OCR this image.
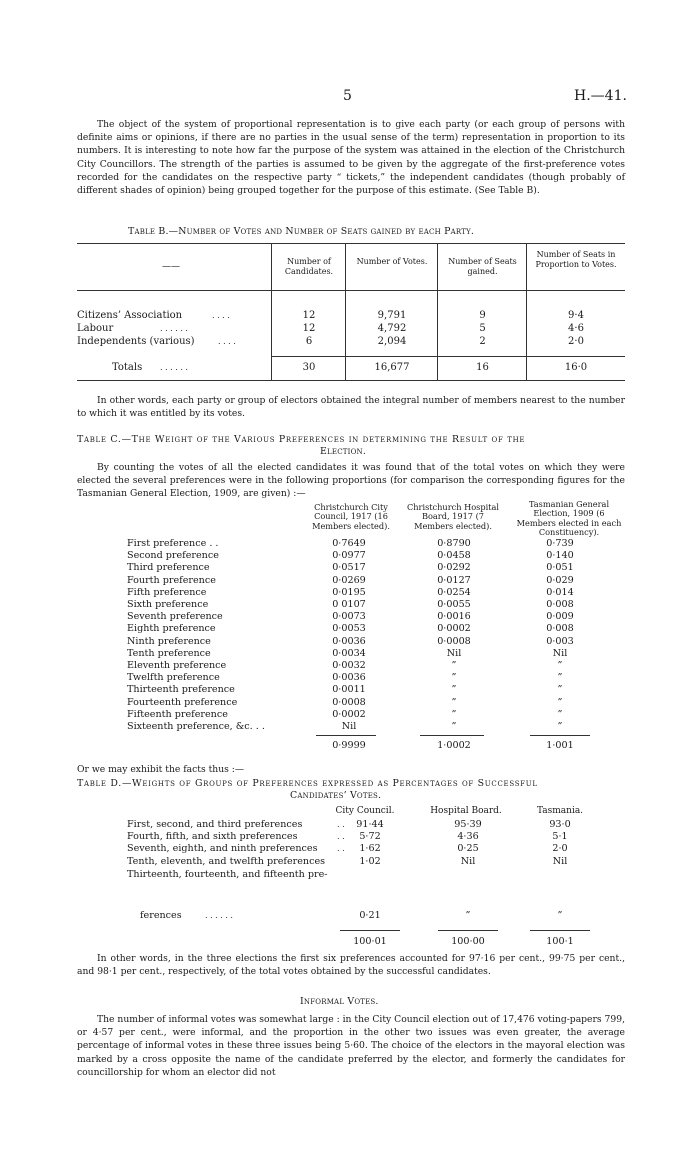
5	H.—41.
The object of the system of proportional representation is to give each party (or each group of persons with definite aims or opinions, if there are no parties in the usual sense of the term) representation in proportion to its numbers. It is interesting to note how far the purpose of the system was attained in the election of the Christchurch City Councillors. The strength of the parties is assumed to be given by the aggregate of the first-preference votes recorded for the candidates on the respective party “ tickets,” the independent candidates (though probably of different shades of opinion) being grouped together for the purpose of this estimate. (See Table B).
Table B.—Number of Votes and Number of Seats gained by each Party.
——
Number of Candidates.
Number of Votes.	Number of Seats gained.
Number of Seats in Proportion to Votes.
Citizens’ Association	. . . .	12	9,791	9	9·4
Labour	. . . . . .	12	4,792	5	4·6
Independents (various)	. . . .	6	2,094	2	2·0
Totals . . . . . .	30	16,677	16	16·0
In other words, each party or group of electors obtained the integral number of members nearest to the number to which it was entitled by its votes.
Table C.—The Weight of the Various Preferences in determining the Result of the
Election.
By counting the votes of all the elected candidates it was found that of the total votes on which they were elected the several preferences were in the following proportions (for comparison the corresponding figures for the Tasmanian General Election, 1909, are given) :—
Christchurch City Council, 1917 (16 Members elected).
Christchurch Hospital Board, 1917 (7 Members elected).
Tasmanian General Election, 1909 (6 Members elected in each Constituency).
First preference . .	0·7649	0·8790	0·739
Second preference	0·0977	0·0458	0·140
Third preference	0·0517	0·0292	0·051
Fourth preference	0·0269	0·0127	0·029
Fifth preference	0·0195	0·0254	0·014
Sixth preference	0 0107	0·0055	0·008
Seventh preference	0·0073	0·0016	0·009
Eighth preference	0·0053	0·0002	0·008
Ninth preference	0·0036	0·0008	0·003
Tenth preference	0·0034	Nil	Nil
Eleventh preference	0·0032	”	”
Twelfth preference	0·0036	”	”
Thirteenth preference	0·0011	”	”
Fourteenth preference	0·0008	”	”
Fifteenth preference	0·0002	”	”
Sixteenth preference, &c. . .	Nil	”	”
0·9999	1·0002	1·001
Or we may exhibit the facts thus :—
Table D.—Weights of Groups of Preferences expressed as Percentages of Successful
Candidates’ Votes.
City Council.	Hospital Board.	Tasmania.
First, second, and third preferences	. .	91·44	95·39	93·0
Fourth, fifth, and sixth preferences	. .	5·72	4·36	5·1
Seventh, eighth, and ninth preferences . .	1·62	0·25	2·0
Tenth, eleventh, and twelfth preferences	1·02	Nil	Nil
Thirteenth, fourteenth, and fifteenth pre-
ferences	. . . . . .	0·21	”	”
100·01	100·00	100·1
In other words, in the three elections the first six preferences accounted for 97·16 per cent., 99·75 per cent., and 98·1 per cent., respectively, of the total votes obtained by the successful candidates.
Informal Votes.
The number of informal votes was somewhat large : in the City Council election out of 17,476 voting-papers 799, or 4·57 per cent., were informal, and the proportion in the other two issues was even greater, the average percentage of informal votes in these three issues being 5·60. The choice of the electors in the mayoral election was marked by a cross opposite the name of the candidate preferred by the elector, and formerly the candidates for councillorship for whom an elector did not
